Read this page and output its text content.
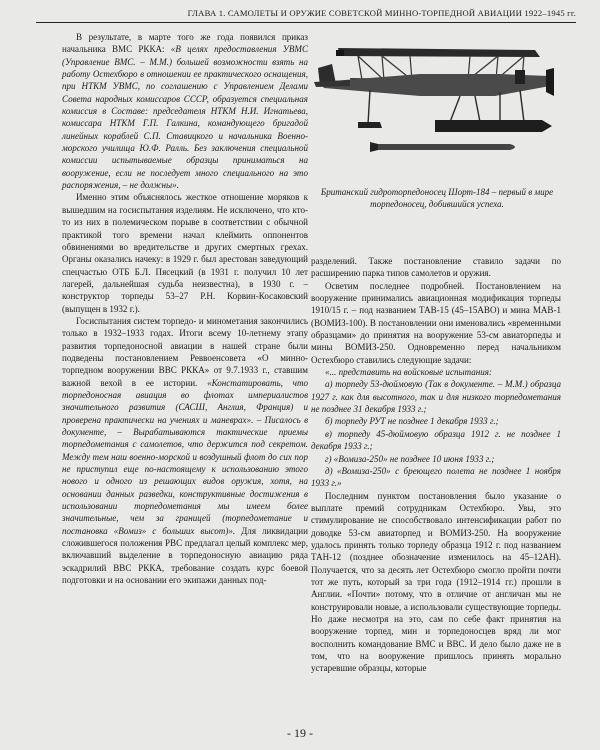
ГЛАВА 1. САМОЛЕТЫ И ОРУЖИЕ СОВЕТСКОЙ МИННО-ТОРПЕДНОЙ АВИАЦИИ 1922–1945 гг.

В результате, в марте того же года появился приказ начальника ВМС РККА: «В целях предоставления УВМС (Управление ВМС. – М.М.) большей возможности взять на работу Остехбюро в отношении ее практического оснащения, при НТКМ УВМС, по соглашению с Управлением Делами Совета народных комиссаров СССР, образуется специальная комиссия в Составе: председателя НТКМ Н.И. Игнатьева, комиссара НТКМ Г.П. Галкина, командующего бригадой линейных кораблей С.П. Ставицкого и начальника Военно-морского училища Ю.Ф. Ралль. Без заключения специальной комиссии испытываемые образцы приниматься на вооружение, если не последует много специального на это распоряжения, – не должны».

Именно этим объяснялось жесткое отношение моряков к вышедшим на госиспытания изделиям. Не исключено, что кто-то из них в полемическом порыве в соответствии с обычной практикой того времени начал клеймить оппонентов обвинениями во вредительстве и других смертных грехах. Органы оказались начеку: в 1929 г. был арестован заведующий спецчастью ОТБ Б.Л. Пясецкий (в 1931 г. получил 10 лет лагерей, дальнейшая судьба неизвестна), в 1930 г. – конструктор торпеды 53–27 Р.Н. Корвин-Косаковский (выпущен в 1932 г.).

Госиспытания систем торпедо- и минометания закончились только в 1932–1933 годах. Итоги всему 10-летнему этапу развития торпедоносной авиации в нашей стране были подведены постановлением Реввоенсовета «О минно-торпедном вооружении ВВС РККА» от 9.7.1933 г., ставшим важной вехой в ее истории. «Констатировать, что торпедоносная авиация во флотах империалистов значительного развития (САСШ, Англия, Франция) и проверена практически на учениях и маневрах». – Писалось в документе, – Вырабатываются тактические приемы торпедометания с самолетов, что держится под секретом. Между тем наш военно-морской и воздушный флот до сих пор не приступил еще по-настоящему к использованию этого нового и одного из решающих видов оружия, хотя, на основании данных разведки, конструктивные достижения в использовании торпедометания мы имеем более значительные, чем за границей (торпедометание и постановка «Вомиз» с больших высот)». Для ликвидации сложившегося положения РВС предлагал целый комплекс мер, включавший выделение в торпедоносную авиацию ряда эскадрилий ВВС РККА, требование создать курс боевой подготовки и на основании его экипажи данных под-

Британский гидроторпедоносец Шорт-184 – первый в мире торпедоносец, добившийся успеха.

разделений. Также постановление ставило задачи по расширению парка типов самолетов и оружия.

Осветим последнее подробней. Постановлением на вооружение принимались авиационная модификация торпеды 1910/15 г. – под названием ТАВ-15 (45–15АВО) и мина МАВ-1 (ВОМИЗ-100). В постановлении они именовались «временными образцами» до принятия на вооружение 53-см авиаторпеды и мины ВОМИЗ-250. Одновременно перед начальником Остехбюро ставились следующие задачи:

«... представить на войсковые испытания:

а) торпеду 53-дюймовую (Так в документе. – М.М.) образца 1927 г. как для высотного, так и для низкого торпедометания не позднее 31 декабря 1933 г.;

б) торпеду РУТ не позднее 1 декабря 1933 г.;

в) торпеду 45-дюймовую образца 1912 г. не позднее 1 декабря 1933 г.;

г) «Вомиза-250» не позднее 10 июня 1933 г.;

д) «Вомиза-250» с бреющего полета не позднее 1 ноября 1933 г.»

Последним пунктом постановления было указание о выплате премий сотрудникам Остехбюро. Увы, это стимулирование не способствовало интенсификации работ по доводке 53-см авиаторпед и ВОМИЗ-250. На вооружение удалось принять только торпеду образца 1912 г. под названием ТАН-12 (позднее обозначение изменилось на 45–12АН). Получается, что за десять лет Остехбюро смогло пройти почти тот же путь, который за три года (1912–1914 гг.) прошли в Англии. «Почти» потому, что в отличие от англичан мы не конструировали новые, а использовали существующие торпеды. Но даже несмотря на это, сам по себе факт принятия на вооружение торпед, мин и торпедоносцев вряд ли мог восполнить командование ВМС и ВВС. И дело было даже не в том, что на вооружение пришлось принять морально устаревшие образцы, которые

- 19 -
